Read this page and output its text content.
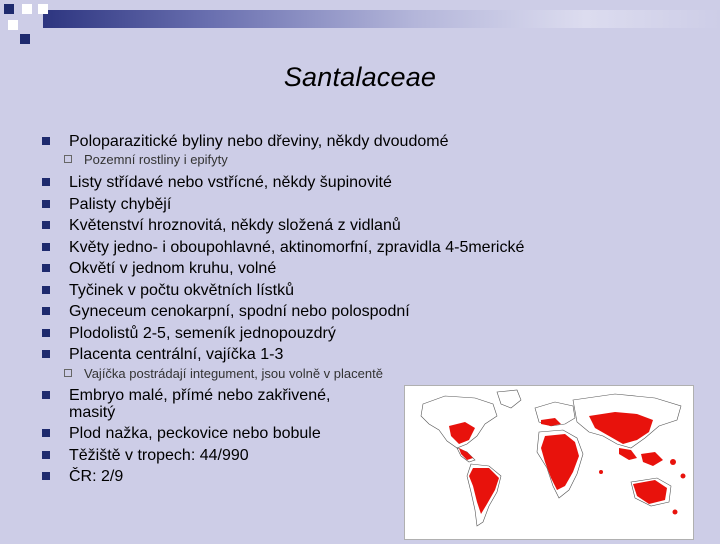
Santalaceae
Poloparazitické byliny nebo dřeviny, někdy dvoudomé
Pozemní rostliny i epifyty
Listy střídavé nebo vstřícné, někdy šupinovité
Palisty chybějí
Květenství hroznovitá, někdy složená z vidlanů
Květy jedno- i oboupohlavné, aktinomorfní, zpravidla 4-5merické
Okvětí v jednom kruhu, volné
Tyčinek v počtu okvětních lístků
Gyneceum cenokarpní, spodní nebo polospodní
Plodolistů 2-5, semeník jednopouzdrý
Placenta centrální, vajíčka 1-3
Vajíčka postrádají integument, jsou volně v placentě
Embryo malé, přímé nebo zakřivené,
masitý
Plod nažka, peckovice nebo bobule
Těžiště v tropech: 44/990
ČR: 2/9
